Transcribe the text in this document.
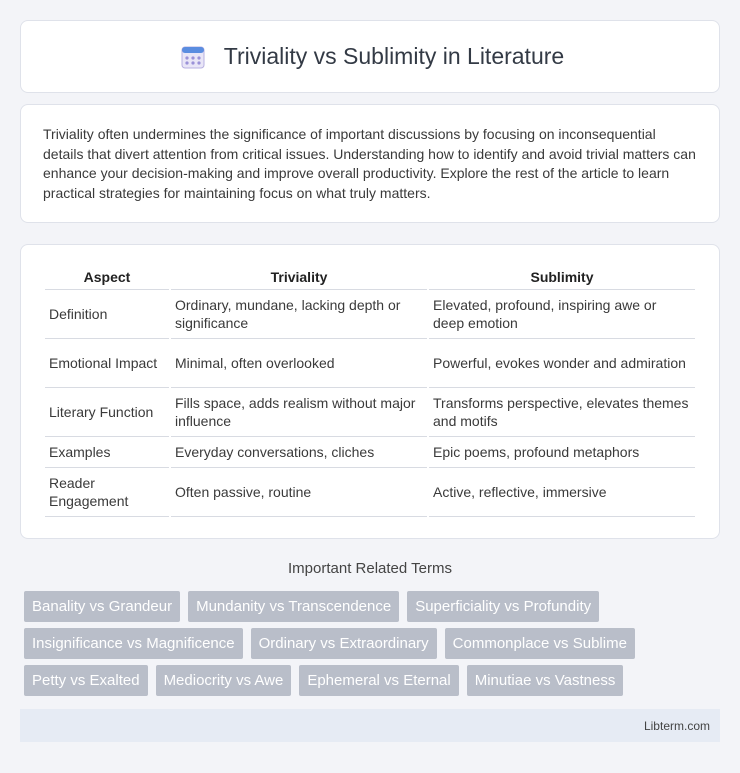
Triviality vs Sublimity in Literature

Triviality often undermines the significance of important discussions by focusing on inconsequential details that divert attention from critical issues. Understanding how to identify and avoid trivial matters can enhance your decision-making and improve overall productivity. Explore the rest of the article to learn practical strategies for maintaining focus on what truly matters.

Aspect	Triviality	Sublimity
Definition	Ordinary, mundane, lacking depth or significance	Elevated, profound, inspiring awe or deep emotion
Emotional Impact	Minimal, often overlooked	Powerful, evokes wonder and admiration
Literary Function	Fills space, adds realism without major influence	Transforms perspective, elevates themes and motifs
Examples	Everyday conversations, cliches	Epic poems, profound metaphors
Reader Engagement	Often passive, routine	Active, reflective, immersive
Important Related Terms
Banality vs Grandeur	Mundanity vs Transcendence	Superficiality vs Profundity
Insignificance vs Magnificence	Ordinary vs Extraordinary	Commonplace vs Sublime
Petty vs Exalted	Mediocrity vs Awe	Ephemeral vs Eternal	Minutiae vs Vastness
Libterm.com
